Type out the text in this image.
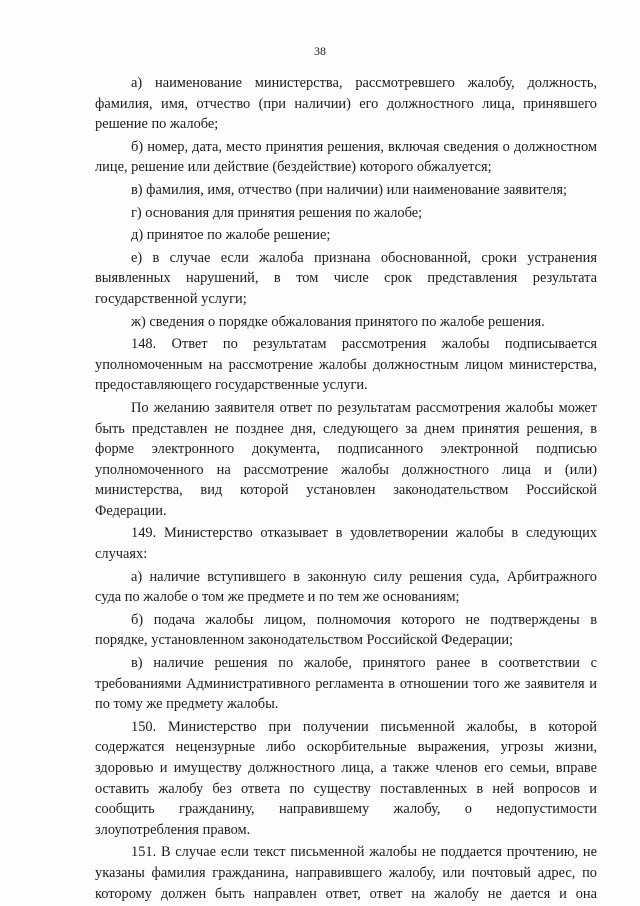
38

а) наименование министерства, рассмотревшего жалобу, должность, фамилия, имя, отчество (при наличии) его должностного лица, принявшего решение по жалобе;

б) номер, дата, место принятия решения, включая сведения о должностном лице, решение или действие (бездействие) которого обжалуется;

в) фамилия, имя, отчество (при наличии) или наименование заявителя;

г) основания для принятия решения по жалобе;

д) принятое по жалобе решение;

е) в случае если жалоба признана обоснованной, сроки устранения выявленных нарушений, в том числе срок представления результата государственной услуги;

ж) сведения о порядке обжалования принятого по жалобе решения.

148. Ответ по результатам рассмотрения жалобы подписывается уполномоченным на рассмотрение жалобы должностным лицом министерства, предоставляющего государственные услуги.

По желанию заявителя ответ по результатам рассмотрения жалобы может быть представлен не позднее дня, следующего за днем принятия решения, в форме электронного документа, подписанного электронной подписью уполномоченного на рассмотрение жалобы должностного лица и (или) министерства, вид которой установлен законодательством Российской Федерации.

149. Министерство отказывает в удовлетворении жалобы в следующих случаях:

а) наличие вступившего в законную силу решения суда, Арбитражного суда по жалобе о том же предмете и по тем же основаниям;

б) подача жалобы лицом, полномочия которого не подтверждены в порядке, установленном законодательством Российской Федерации;

в) наличие решения по жалобе, принятого ранее в соответствии с требованиями Административного регламента в отношении того же заявителя и по тому же предмету жалобы.

150. Министерство при получении письменной жалобы, в которой содержатся нецензурные либо оскорбительные выражения, угрозы жизни, здоровью и имуществу должностного лица, а также членов его семьи, вправе оставить жалобу без ответа по существу поставленных в ней вопросов и сообщить гражданину, направившему жалобу, о недопустимости злоупотребления правом.

151. В случае если текст письменной жалобы не поддается прочтению, не указаны фамилия гражданина, направившего жалобу, или почтовый адрес, по которому должен быть направлен ответ, ответ на жалобу не дается и она
